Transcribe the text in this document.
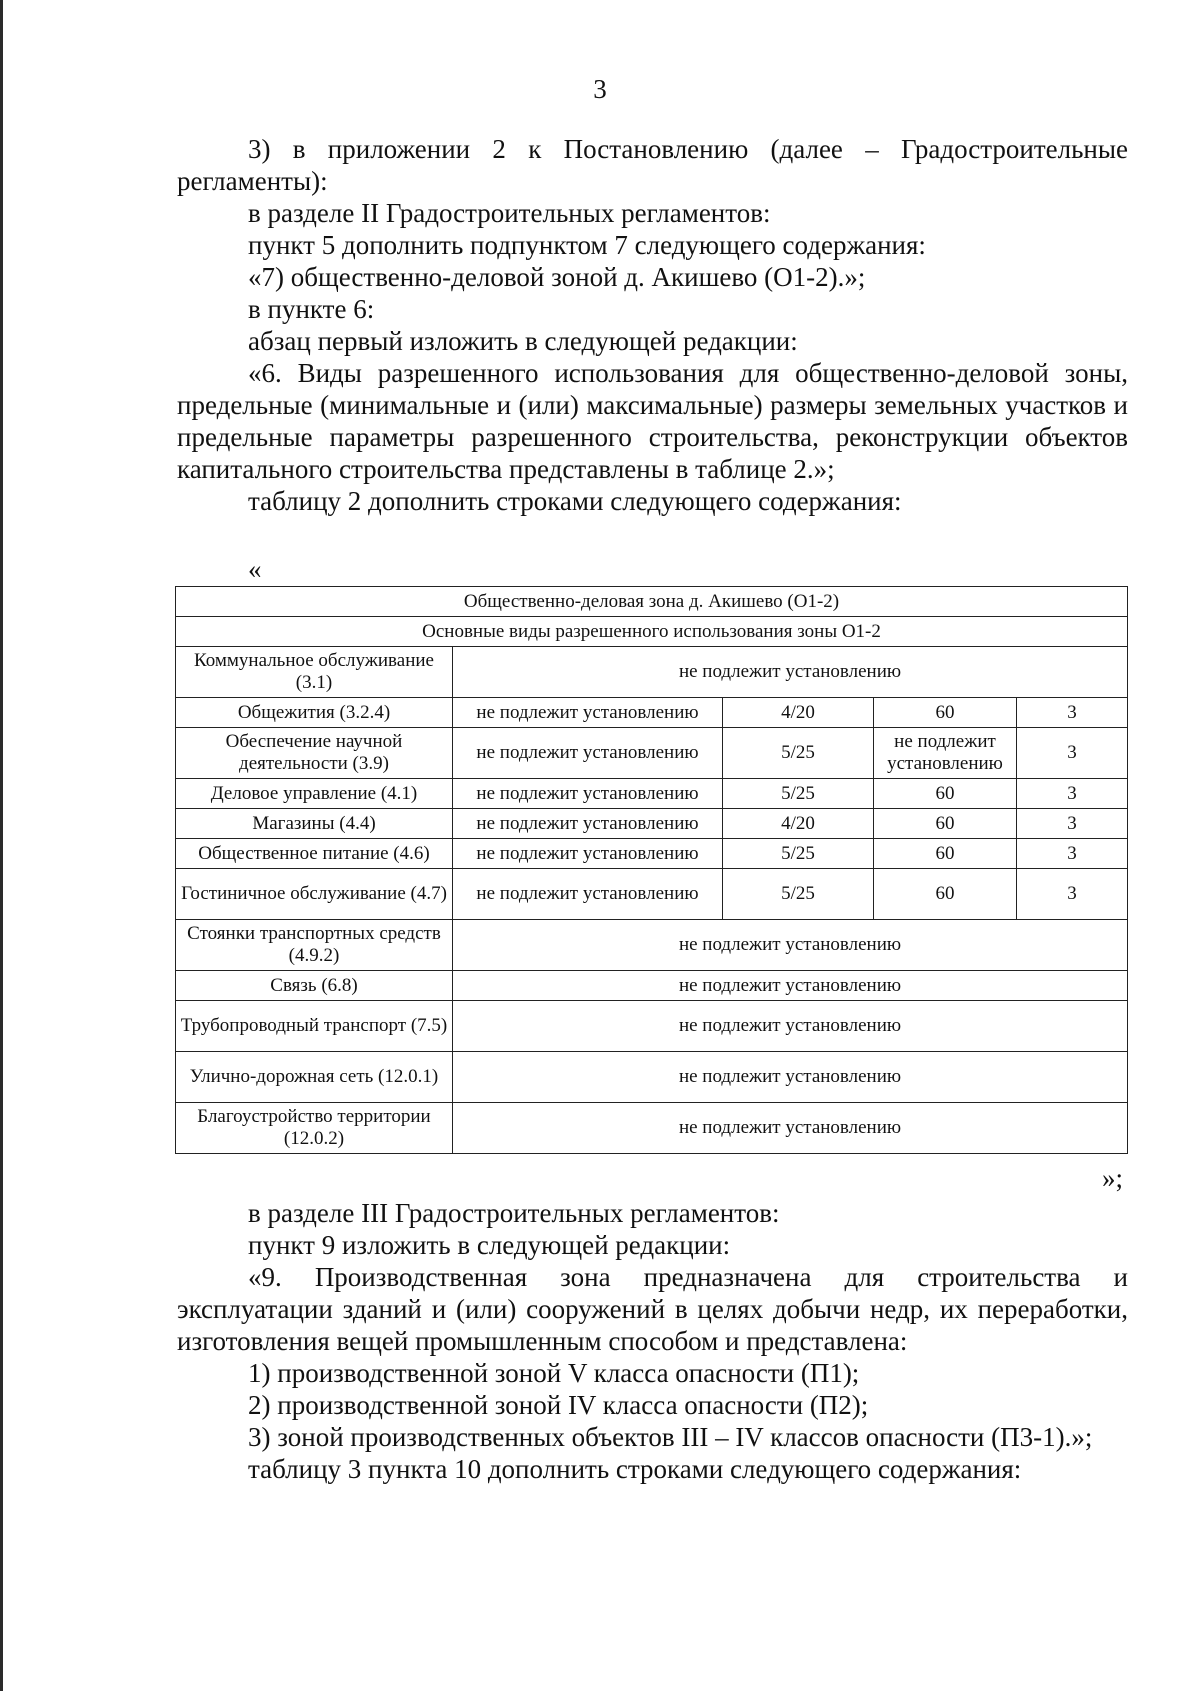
3

3) в приложении 2 к Постановлению (далее – Градостроительные регламенты):

в разделе II Градостроительных регламентов:

пункт 5 дополнить подпунктом 7 следующего содержания:

«7) общественно-деловой зоной д. Акишево (О1-2).»;

в пункте 6:

абзац первый изложить в следующей редакции:

«6. Виды разрешенного использования для общественно-деловой зоны, предельные (минимальные и (или) максимальные) размеры земельных участков и предельные параметры разрешенного строительства, реконструкции объектов капитального строительства представлены в таблице 2.»;

таблицу 2 дополнить строками следующего содержания:

«
Общественно-деловая зона д. Акишево (О1-2)				
Основные виды разрешенного использования зоны О1-2				
Коммунальное обслуживание (3.1)	не подлежит установлению			
Общежития (3.2.4)	не подлежит установлению	4/20	60	3
Обеспечение научной деятельности (3.9)	не подлежит установлению	5/25	не подлежит установлению	3
Деловое управление (4.1)	не подлежит установлению	5/25	60	3
Магазины (4.4)	не подлежит установлению	4/20	60	3
Общественное питание (4.6)	не подлежит установлению	5/25	60	3
Гостиничное обслуживание (4.7)	не подлежит установлению	5/25	60	3
Стоянки транспортных средств (4.9.2)	не подлежит установлению			
Связь (6.8)	не подлежит установлению			
Трубопроводный транспорт (7.5)	не подлежит установлению			
Улично-дорожная сеть (12.0.1)	не подлежит установлению			
Благоустройство территории (12.0.2)	не подлежит установлению			
»;

в разделе III Градостроительных регламентов:

пункт 9 изложить в следующей редакции:

«9. Производственная зона предназначена для строительства и эксплуатации зданий и (или) сооружений в целях добычи недр, их переработки, изготовления вещей промышленным способом и представлена:

1) производственной зоной V класса опасности (П1);

2) производственной зоной IV класса опасности (П2);

3) зоной производственных объектов III – IV классов опасности (П3-1).»;

таблицу 3 пункта 10 дополнить строками следующего содержания:
